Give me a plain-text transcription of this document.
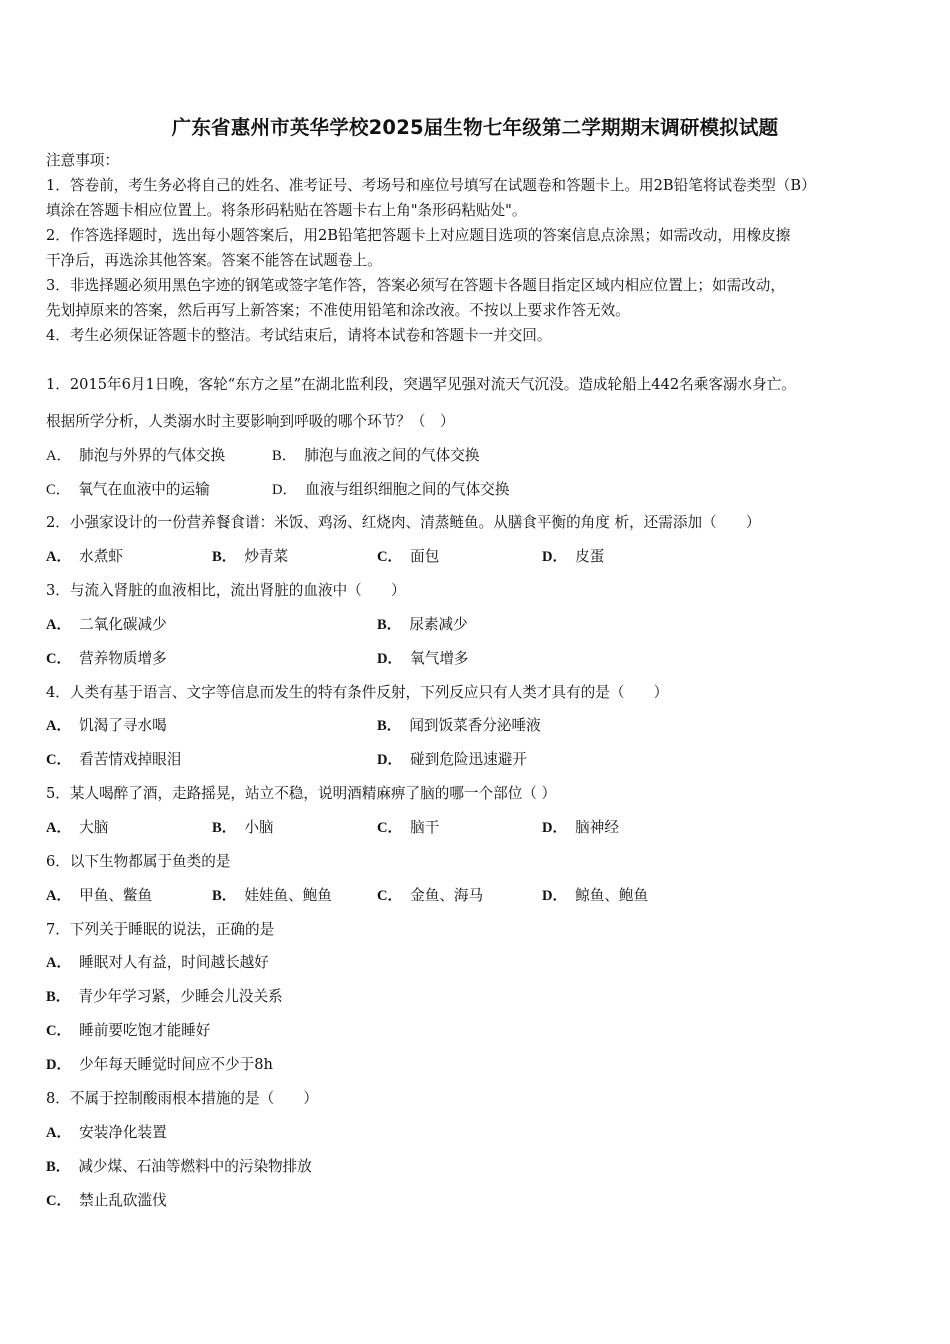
广东省惠州市英华学校2025届生物七年级第二学期期末调研模拟试题
注意事项：
1．答卷前，考生务必将自己的姓名、准考证号、考场号和座位号填写在试题卷和答题卡上。用2B铅笔将试卷类型（B）
填涂在答题卡相应位置上。将条形码粘贴在答题卡右上角"条形码粘贴处"。
2．作答选择题时，选出每小题答案后，用2B铅笔把答题卡上对应题目选项的答案信息点涂黑；如需改动，用橡皮擦
干净后，再选涂其他答案。答案不能答在试题卷上。
3．非选择题必须用黑色字迹的钢笔或签字笔作答，答案必须写在答题卡各题目指定区域内相应位置上；如需改动，
先划掉原来的答案，然后再写上新答案；不准使用铅笔和涂改液。不按以上要求作答无效。
4．考生必须保证答题卡的整洁。考试结束后，请将本试卷和答题卡一并交回。
1．2015年6月1日晚，客轮“东方之星”在湖北监利段，突遇罕见强对流天气沉没。造成轮船上442名乘客溺水身亡。
根据所学分析，人类溺水时主要影响到呼吸的哪个环节？（　）
A． 肺泡与外界的气体交换	B． 肺泡与血液之间的气体交换
C． 氧气在血液中的运输	D． 血液与组织细胞之间的气体交换
2．小强家设计的一份营养餐食谱：米饭、鸡汤、红烧肉、清蒸鲢鱼。从膳食平衡的角度 析，还需添加（　　）
A． 水煮虾	B． 炒青菜	C． 面包	D． 皮蛋
3．与流入肾脏的血液相比，流出肾脏的血液中（　　）
A． 二氧化碳减少	B． 尿素减少
C． 营养物质增多	D． 氧气增多
4．人类有基于语言、文字等信息而发生的特有条件反射，下列反应只有人类才具有的是（　　）
A． 饥渴了寻水喝	B． 闻到饭菜香分泌唾液
C． 看苦情戏掉眼泪	D． 碰到危险迅速避开
5．某人喝醉了酒，走路摇晃，站立不稳，说明酒精麻痹了脑的哪一个部位（ ）
A． 大脑	B． 小脑	C． 脑干	D． 脑神经
6．以下生物都属于鱼类的是
A． 甲鱼、鳖鱼	B． 娃娃鱼、鲍鱼	C． 金鱼、海马	D． 鲸鱼、鲍鱼
7．下列关于睡眠的说法，正确的是
A． 睡眠对人有益，时间越长越好
B． 青少年学习紧，少睡会儿没关系
C． 睡前要吃饱才能睡好
D． 少年每天睡觉时间应不少于8h
8．不属于控制酸雨根本措施的是（　　）
A． 安装净化装置
B． 减少煤、石油等燃料中的污染物排放
C． 禁止乱砍滥伐
